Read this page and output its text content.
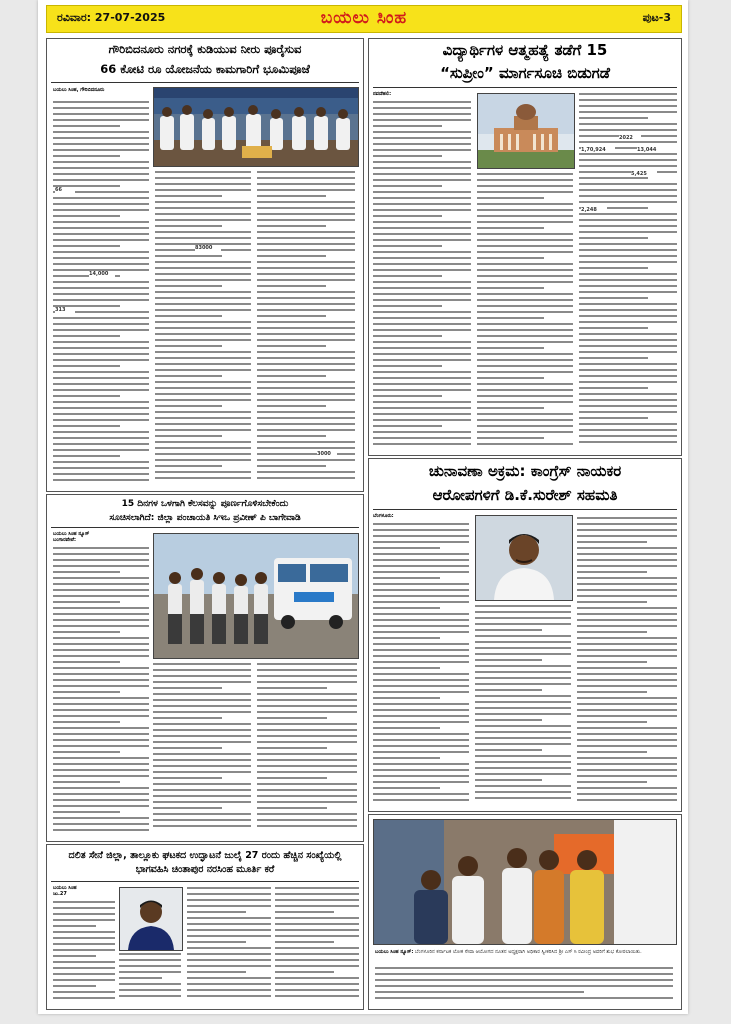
ರವಿವಾರ: 27-07-2025	ಬಯಲು ಸಿಂಹ	ಪುಟ-3
ಗೌರಿಬಿದನೂರು ನಗರಕ್ಕೆ ಕುಡಿಯುವ ನೀರು ಪೂರೈಸುವ
66 ಕೋಟಿ ರೂ ಯೋಜನೆಯ ಕಾಮಗಾರಿಗೆ ಭೂಮಿಪೂಜೆ
ಬಯಲು ಸಿಂಹ, ಗೌರಿಬಿದನೂರು
66
14,000
313
83000
3000
ವಿದ್ಯಾರ್ಥಿಗಳ ಆತ್ಮಹತ್ಯೆ ತಡೆಗೆ 15
“ಸುಪ್ರೀಂ” ಮಾರ್ಗಸೂಚಿ ಬಿಡುಗಡೆ
ನವದೆಹಲಿ:
2022
1,70,924	13,044
5,425
2,248
ಚುನಾವಣಾ ಅಕ್ರಮ: ಕಾಂಗ್ರೆಸ್ ನಾಯಕರ
ಆರೋಪಗಳಿಗೆ ಡಿ.ಕೆ.ಸುರೇಶ್ ಸಹಮತಿ
ಬೆಂಗಳೂರು:
15 ದಿನಗಳ ಒಳಗಾಗಿ ಕೆಲಸವನ್ನು ಪೂರ್ಣಗೊಳಿಸಬೇಕೆಂದು
ಸೂಚಿಸಲಾಗಿದೆ: ಜಿಲ್ಲಾ ಪಂಚಾಯತಿ ಸಿಇಒ ಪ್ರವೀಣ್ ಪಿ ಬಾಗೇವಾಡಿ
ಬಯಲು ಸಿಂಹ ನ್ಯೂಸ್
ಬಂಗಾರಪೇಟೆ:
ದಲಿತ ಸೇನೆ ಜಿಲ್ಲಾ, ತಾಲ್ಲೂಕು ಘಟಕದ ಉದ್ಘಾಟನೆ ಜುಲೈ 27 ರಂದು ಹೆಚ್ಚಿನ ಸಂಖ್ಯೆಯಲ್ಲಿ ಭಾಗವಹಿಸಿ ಚಿಂತಾಪುರ ನರಸಿಂಹ ಮೂರ್ತಿ ಕರೆ
ಬಯಲು ಸಿಂಹ
ಜು.27
ಬಯಲು ಸಿಂಹ ನ್ಯೂಸ್: ಬೆಂಗಳೂರಿನ ಕರ್ನಾಟಕ ಲೋಕ ಸೇವಾ ಆಯೋಗದ ನೂತನ ಅಧ್ಯಕ್ಷರಾಗಿ ಅಧಿಕಾರ ಸ್ವೀಕರಿಸಿದ ಶ್ರೀ ಎಸ್ ಸಿ ರವೀಂದ್ರ ಅವರಿಗೆ ಶುಭ ಕೋರಲಾಯಿತು.
